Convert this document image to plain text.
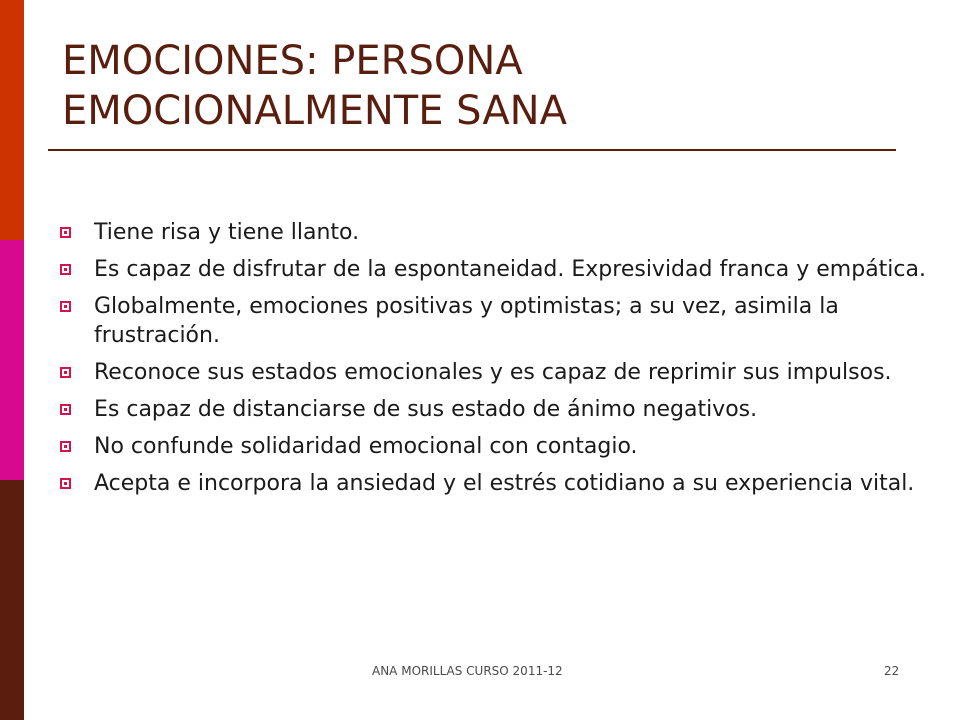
EMOCIONES: PERSONA
EMOCIONALMENTE SANA
Tiene risa y tiene llanto.
Es capaz de disfrutar de la espontaneidad. Expresividad franca y empática.
Globalmente, emociones positivas y optimistas; a su vez, asimila la frustración.
Reconoce sus estados emocionales y es capaz de reprimir sus impulsos.
Es capaz de distanciarse de sus estado de ánimo negativos.
No confunde solidaridad emocional con contagio.
Acepta e incorpora la ansiedad y el estrés cotidiano a su experiencia vital.
ANA MORILLAS CURSO 2011-12	22
